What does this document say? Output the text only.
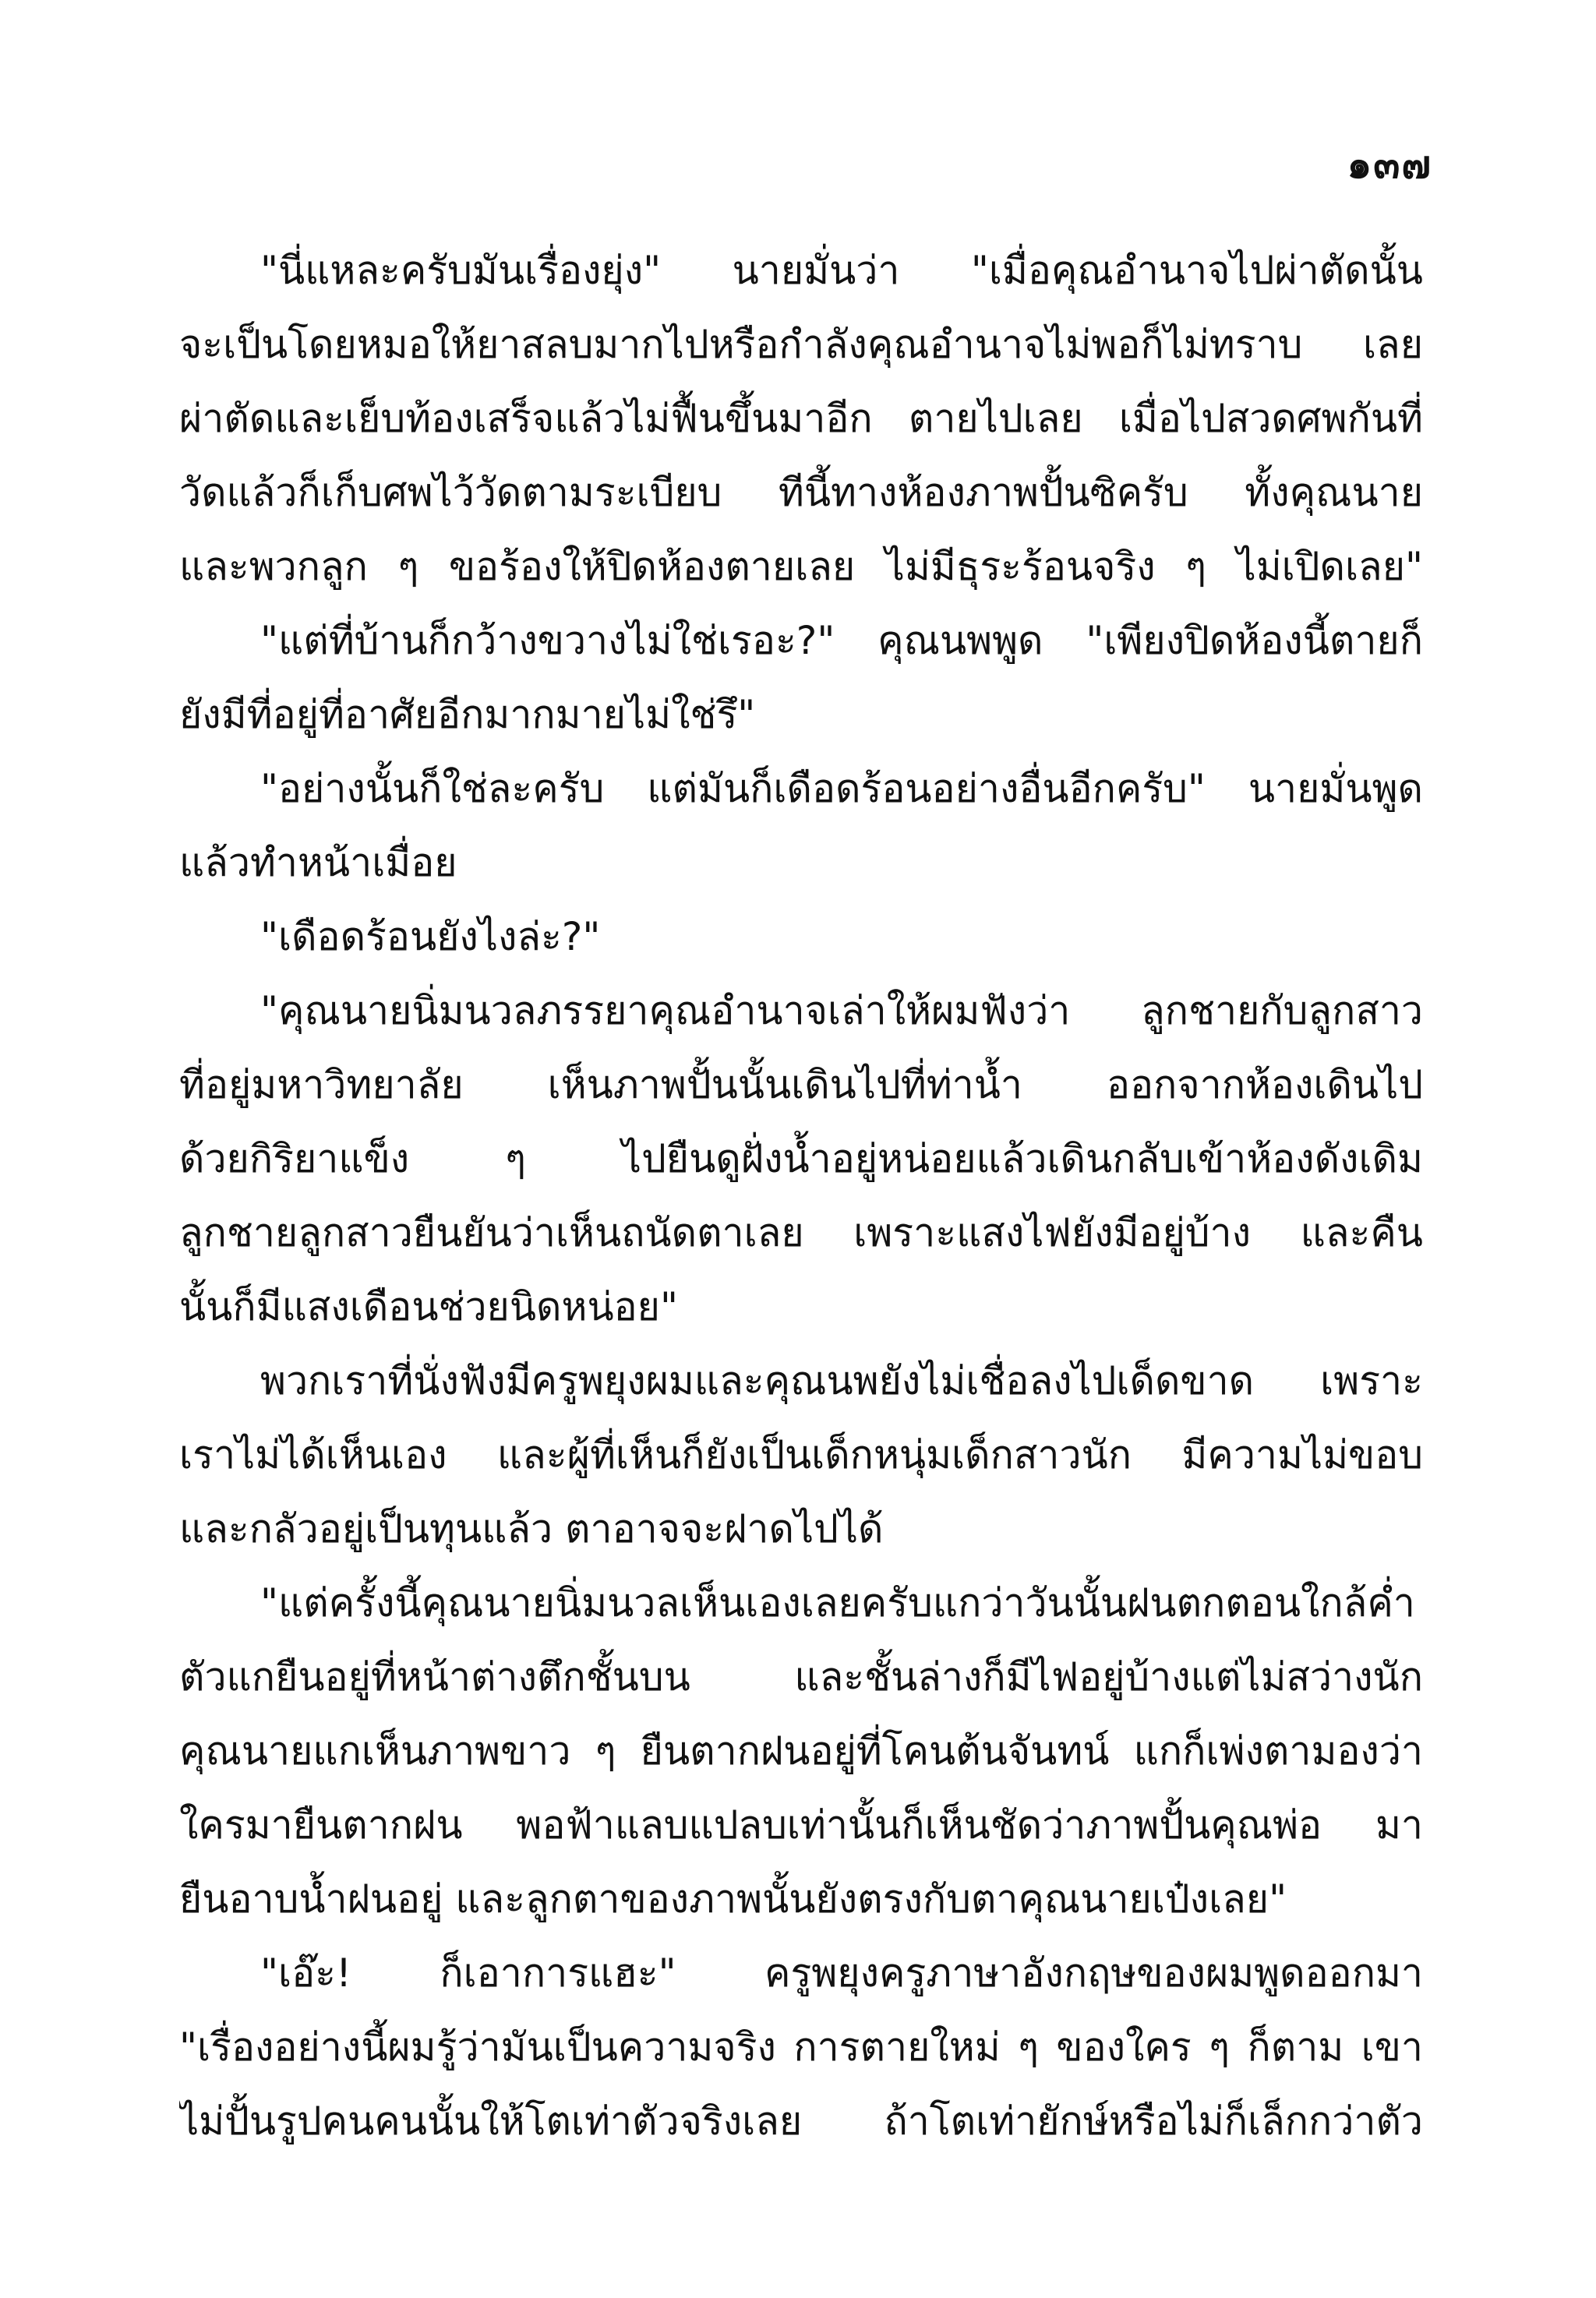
๑๓๗
"นี่แหละครับมันเรื่องยุ่ง" นายมั่นว่า "เมื่อคุณอำนาจไปผ่าตัดนั้น
จะเป็นโดยหมอให้ยาสลบมากไปหรือกำลังคุณอำนาจไม่พอก็ไม่ทราบ เลย
ผ่าตัดและเย็บท้องเสร็จแล้วไม่ฟื้นขึ้นมาอีก ตายไปเลย เมื่อไปสวดศพกันที่
วัดแล้วก็เก็บศพไว้วัดตามระเบียบ ทีนี้ทางห้องภาพปั้นซิครับ ทั้งคุณนาย
และพวกลูก ๆ ขอร้องให้ปิดห้องตายเลย ไม่มีธุระร้อนจริง ๆ ไม่เปิดเลย"
"แต่ที่บ้านก็กว้างขวางไม่ใช่เรอะ?" คุณนพพูด "เพียงปิดห้องนี้ตายก็
ยังมีที่อยู่ที่อาศัยอีกมากมายไม่ใช่รึ"
"อย่างนั้นก็ใช่ละครับ แต่มันก็เดือดร้อนอย่างอื่นอีกครับ" นายมั่นพูด
แล้วทำหน้าเมื่อย
"เดือดร้อนยังไงล่ะ?"
"คุณนายนิ่มนวลภรรยาคุณอำนาจเล่าให้ผมฟังว่า ลูกชายกับลูกสาว
ที่อยู่มหาวิทยาลัย เห็นภาพปั้นนั้นเดินไปที่ท่าน้ำ ออกจากห้องเดินไป
ด้วยกิริยาแข็ง ๆ ไปยืนดูฝั่งน้ำอยู่หน่อยแล้วเดินกลับเข้าห้องดังเดิม
ลูกชายลูกสาวยืนยันว่าเห็นถนัดตาเลย เพราะแสงไฟยังมีอยู่บ้าง และคืน
นั้นก็มีแสงเดือนช่วยนิดหน่อย"
พวกเราที่นั่งฟังมีครูพยุงผมและคุณนพยังไม่เชื่อลงไปเด็ดขาด เพราะ
เราไม่ได้เห็นเอง และผู้ที่เห็นก็ยังเป็นเด็กหนุ่มเด็กสาวนัก มีความไม่ขอบ
และกลัวอยู่เป็นทุนแล้ว ตาอาจจะฝาดไปได้
"แต่ครั้งนี้คุณนายนิ่มนวลเห็นเองเลยครับแกว่าวันนั้นฝนตกตอนใกล้ค่ำ
ตัวแกยืนอยู่ที่หน้าต่างตึกชั้นบน และชั้นล่างก็มีไฟอยู่บ้างแต่ไม่สว่างนัก
คุณนายแกเห็นภาพขาว ๆ ยืนตากฝนอยู่ที่โคนต้นจันทน์ แกก็เพ่งตามองว่า
ใครมายืนตากฝน พอฟ้าแลบแปลบเท่านั้นก็เห็นชัดว่าภาพปั้นคุณพ่อ มา
ยืนอาบน้ำฝนอยู่ และลูกตาของภาพนั้นยังตรงกับตาคุณนายเป๋งเลย"
"เอ๊ะ! ก็เอาการแฮะ" ครูพยุงครูภาษาอังกฤษของผมพูดออกมา
"เรื่องอย่างนี้ผมรู้ว่ามันเป็นความจริง การตายใหม่ ๆ ของใคร ๆ ก็ตาม เขา
ไม่ปั้นรูปคนคนนั้นให้โตเท่าตัวจริงเลย ถ้าโตเท่ายักษ์หรือไม่ก็เล็กกว่าตัว
